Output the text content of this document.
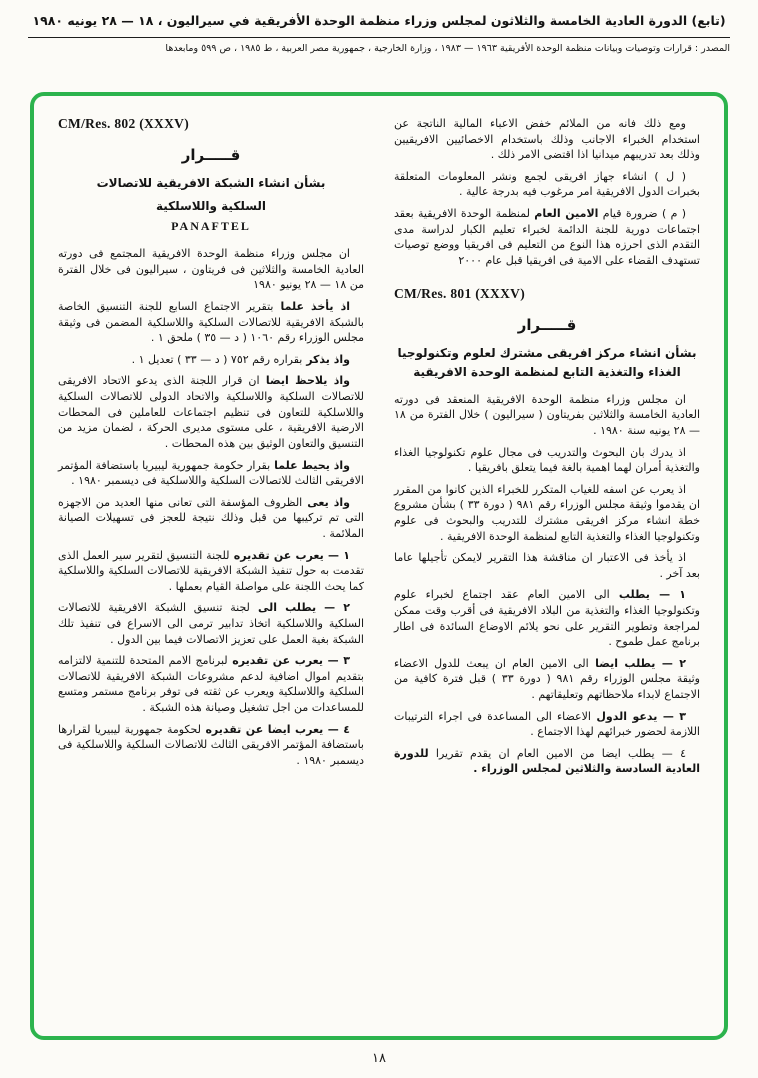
(تابع) الدورة العادية الخامسة والثلاثون لمجلس وزراء منظمة الوحدة الأفريقية في سيراليون ، ١٨ — ٢٨ يونيه ١٩٨٠
المصدر : قرارات وتوصيات وبيانات منظمة الوحدة الأفريقية ١٩٦٣ — ١٩٨٣ ، وزارة الخارجية ، جمهورية مصر العربية ، ط ١٩٨٥ ، ص ٥٩٩ ومابعدها

ومع ذلك فانه من الملائم خفض الاعباء المالية الناتجة عن استخدام الخبراء الاجانب وذلك باستخدام الاخصائيين الافريقيين وذلك بعد تدريبهم ميدانيا اذا اقتضى الامر ذلك .

( ل ) انشاء جهاز افريقى لجمع ونشر المعلومات المتعلقة بخبرات الدول الافريقية امر مرغوب فيه بدرجة عالية .

( م ) ضرورة قيام الامين العام لمنظمة الوحدة الافريقية بعقد اجتماعات دورية للجنة الدائمة لخبراء تعليم الكبار لدراسة مدى التقدم الذى احرزه هذا النوع من التعليم فى افريقيا ووضع توصيات تستهدف القضاء على الامية فى افريقيا قبل عام ٢٠٠٠

CM/Res. 801 (XXXV)
قـــــرار
بشأن انشاء مركز افريقى مشترك لعلوم وتكنولوجيا الغذاء والتغذية التابع لمنظمة الوحدة الافريقية

ان مجلس وزراء منظمة الوحدة الافريقية المنعقد فى دورته العادية الخامسة والثلاثين بفريتاون ( سيراليون ) خلال الفترة من ١٨ — ٢٨ يونيه سنة ١٩٨٠ .

اذ يدرك بان البحوث والتدريب فى مجال علوم تكنولوجيا الغذاء والتغذية أمران لهما اهمية بالغة فيما يتعلق بافريقيا .

اذ يعرب عن اسفه للغياب المتكرر للخبراء الذين كانوا من المقرر ان يقدموا وثيقة مجلس الوزراء رقم ٩٨١ ( دورة ٣٣ ) بشأن مشروع خطة انشاء مركز افريقى مشترك للتدريب والبحوث فى علوم وتكنولوجيا الغذاء والتغذية التابع لمنظمة الوحدة الافريقية .

اذ يأخذ فى الاعتبار ان مناقشة هذا التقرير لايمكن تأجيلها عاما بعد آخر .

١ — يطلب الى الامين العام عقد اجتماع لخبراء علوم وتكنولوجيا الغذاء والتغذية من البلاد الافريقية فى أقرب وقت ممكن لمراجعة وتطوير التقرير على نحو يلائم الاوضاع السائدة فى اطار برنامج عمل طموح .

٢ — يطلب ايضا الى الامين العام ان يبعث للدول الاعضاء وثيقة مجلس الوزراء رقم ٩٨١ ( دورة ٣٣ ) قبل فترة كافية من الاجتماع لابداء ملاحظاتهم وتعليقاتهم .

٣ — يدعو الدول الاعضاء الى المساعدة فى اجراء الترتيبات اللازمة لحضور خبرائهم لهذا الاجتماع .

٤ — يطلب ايضا من الامين العام ان يقدم تقريرا للدورة العادية السادسة والثلاثين لمجلس الوزراء .

CM/Res. 802 (XXXV)
قـــــرار
بشأن انشاء الشبكة الافريقية للاتصالات
السلكية واللاسلكية
PANAFTEL

ان مجلس وزراء منظمة الوحدة الافريقية المجتمع فى دورته العادية الخامسة والثلاثين فى فريتاون ، سيراليون فى خلال الفترة من ١٨ — ٢٨ يونيو ١٩٨٠

اذ يأخذ علما بتقرير الاجتماع السابع للجنة التنسيق الخاصة بالشبكة الافريقية للاتصالات السلكية واللاسلكية المضمن فى وثيقة مجلس الوزراء رقم ١٠٦٠ ( د — ٣٥ ) ملحق ١ .

واذ يذكر بقراره رقم ٧٥٢ ( د — ٣٣ ) تعديل ١ .

واذ يلاحظ ايضا ان قرار اللجنة الذى يدعو الاتحاد الافريقى للاتصالات السلكية واللاسلكية والاتحاد الدولى للاتصالات السلكية واللاسلكية للتعاون فى تنظيم اجتماعات للعاملين فى المحطات الارضية الافريقية ، على مستوى مديرى الحركة ، لضمان مزيد من التنسيق والتعاون الوثيق بين هذه المحطات .

واذ يحيط علما بقرار حكومة جمهورية ليبيريا باستضافة المؤتمر الافريقى الثالث للاتصالات السلكية واللاسلكية فى ديسمبر ١٩٨٠ .

واذ يعى الظروف المؤسفة التى تعانى منها العديد من الاجهزه التى تم تركيبها من قبل وذلك نتيجة للعجز فى تسهيلات الصيانة الملائمة .

١ — يعرب عن تقديره للجنة التنسيق لتقرير سير العمل الذى تقدمت به حول تنفيذ الشبكة الافريقية للاتصالات السلكية واللاسلكية كما يحث اللجنة على مواصلة القيام بعملها .

٢ — يطلب الى لجنة تنسيق الشبكة الافريقية للاتصالات السلكية واللاسلكية اتخاذ تدابير ترمى الى الاسراع فى تنفيذ تلك الشبكة بغية العمل على تعزيز الاتصالات فيما بين الدول .

٣ — يعرب عن تقديره لبرنامج الامم المتحدة للتنمية لالتزامه بتقديم اموال اضافية لدعم مشروعات الشبكة الافريقية للاتصالات السلكية واللاسلكية ويعرب عن ثقته فى توفر برنامج مستمر ومتسع للمساعدات من اجل تشغيل وصيانة هذه الشبكة .

٤ — يعرب ايضا عن تقديره لحكومة جمهورية ليبيريا لقرارها باستضافة المؤتمر الافريقى الثالث للاتصالات السلكية واللاسلكية فى ديسمبر ١٩٨٠ .

١٨
